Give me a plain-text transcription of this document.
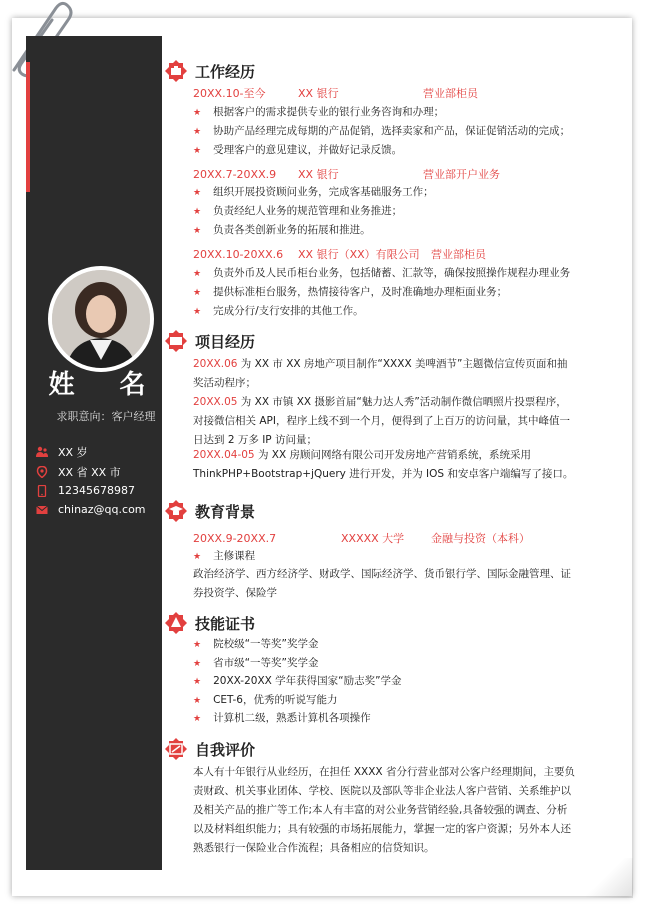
姓 名
求职意向：客户经理
XX 岁
XX 省 XX 市
12345678987
chinaz@qq.com
工作经历
20XX.10-至今	XX 银行	营业部柜员
★ 根据客户的需求提供专业的银行业务咨询和办理；
★ 协助产品经理完成每期的产品促销，选择卖家和产品，保证促销活动的完成；
★ 受理客户的意见建议，并做好记录反馈。
20XX.7-20XX.9 XX 银行	营业部开户业务
★ 组织开展投资顾问业务，完成客基础服务工作；
★ 负责经纪人业务的规范管理和业务推进；
★ 负责各类创新业务的拓展和推进。
20XX.10-20XX.6 XX 银行（XX）有限公司 营业部柜员
★ 负责外币及人民币柜台业务，包括储蓄、汇款等，确保按照操作规程办理业务
★ 提供标准柜台服务，热情接待客户，及时准确地办理柜面业务；
★ 完成分行/支行安排的其他工作。
项目经历
20XX.06 为 XX 市 XX 房地产项目制作“XXXX 美啤酒节”主题微信宣传页面和抽奖活动程序；
20XX.05 为 XX 市镇 XX 摄影首届“魅力达人秀”活动制作微信晒照片投票程序，对接微信相关 API，程序上线不到一个月，便得到了上百万的访问量，其中峰值一日达到 2 万多 IP 访问量；
20XX.04-05 为 XX 房顾问网络有限公司开发房地产营销系统，系统采用 ThinkPHP+Bootstrap+jQuery 进行开发，并为 IOS 和安卓客户端编写了接口。
教育背景
20XX.9-20XX.7	XXXXX 大学 金融与投资（本科）
★ 主修课程
政治经济学、西方经济学、财政学、国际经济学、货币银行学、国际金融管理、证券投资学、保险学
技能证书
★ 院校级“一等奖”奖学金
★ 省市级“一等奖”奖学金
★ 20XX-20XX 学年获得国家“励志奖”学金
★ CET-6，优秀的听说写能力
★ 计算机二级，熟悉计算机各项操作
自我评价
本人有十年银行从业经历，在担任 XXXX 省分行营业部对公客户经理期间，主要负责财政、机关事业团体、学校、医院以及部队等非企业法人客户营销、关系维护以及相关产品的推广等工作;本人有丰富的对公业务营销经验,具备较强的调查、分析以及材料组织能力；具有较强的市场拓展能力，掌握一定的客户资源；另外本人还熟悉银行一保险业合作流程；具备相应的信贷知识。
